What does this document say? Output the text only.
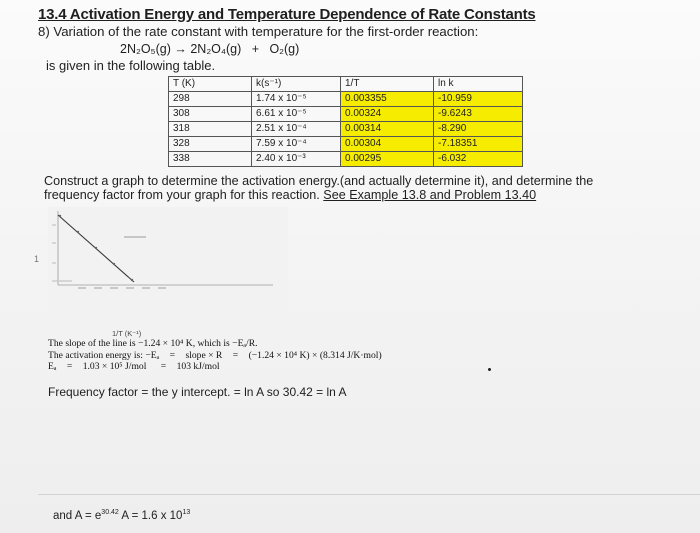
13.4 Activation Energy and Temperature Dependence of Rate Constants
8) Variation of the rate constant with temperature for the first-order reaction:
2N₂O₅(g) → 2N₂O₄(g) + O₂(g)
is given in the following table.
T (K)	k(s⁻¹)	1/T	ln k
298	1.74 x 10⁻⁵	0.003355	-10.959
308	6.61 x 10⁻⁵	0.00324	-9.6243
318	2.51 x 10⁻⁴	0.00314	-8.290
328	7.59 x 10⁻⁴	0.00304	-7.18351
338	2.40 x 10⁻³	0.00295	-6.032
Construct a graph to determine the activation energy.(and actually determine it), and determine the frequency factor from your graph for this reaction. See Example 13.8 and Problem 13.40
1
1/T (K⁻¹)
The slope of the line is −1.24 × 10⁴ K, which is −Eₐ/R.
The activation energy is: −Eₐ = slope × R = (−1.24 × 10⁴ K) × (8.314 J/K·mol)
Eₐ = 1.03 × 10⁵ J/mol = 103 kJ/mol
Frequency factor = the y intercept. = ln A so 30.42 = ln A
and $A = e^{30.42}$ A = 1.6 x $10^{13}$
